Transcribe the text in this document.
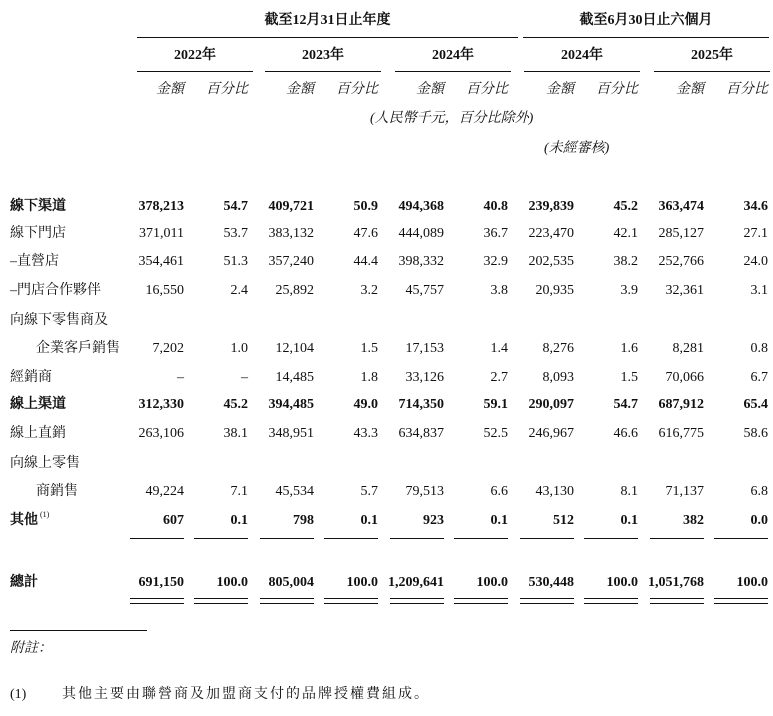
截至12月31日止年度	截至6月30日止六個月
2022年	2023年	2024年	2024年	2025年
金額	百分比	金額	百分比	金額	百分比	金額	百分比	金額	百分比
(人民幣千元，百分比除外)
(未經審核)
線下渠道	378,213	54.7	409,721	50.9	494,368	40.8	239,839	45.2	363,474	34.6
線下門店	371,011	53.7	383,132	47.6	444,089	36.7	223,470	42.1	285,127	27.1
–直營店	354,461	51.3	357,240	44.4	398,332	32.9	202,535	38.2	252,766	24.0
–門店合作夥伴	16,550	2.4	25,892	3.2	45,757	3.8	20,935	3.9	32,361	3.1
向線下零售商及
企業客戶銷售	7,202	1.0	12,104	1.5	17,153	1.4	8,276	1.6	8,281	0.8
經銷商	–	–	14,485	1.8	33,126	2.7	8,093	1.5	70,066	6.7
線上渠道	312,330	45.2	394,485	49.0	714,350	59.1	290,097	54.7	687,912	65.4
線上直銷	263,106	38.1	348,951	43.3	634,837	52.5	246,967	46.6	616,775	58.6
向線上零售
商銷售	49,224	7.1	45,534	5.7	79,513	6.6	43,130	8.1	71,137	6.8
其他 (1)	607	0.1	798	0.1	923	0.1	512	0.1	382	0.0
總計	691,150	100.0	805,004	100.0 1,209,641	100.0	530,448	100.0 1,051,768	100.0
附註：
(1)	其他主要由聯營商及加盟商支付的品牌授權費組成。
